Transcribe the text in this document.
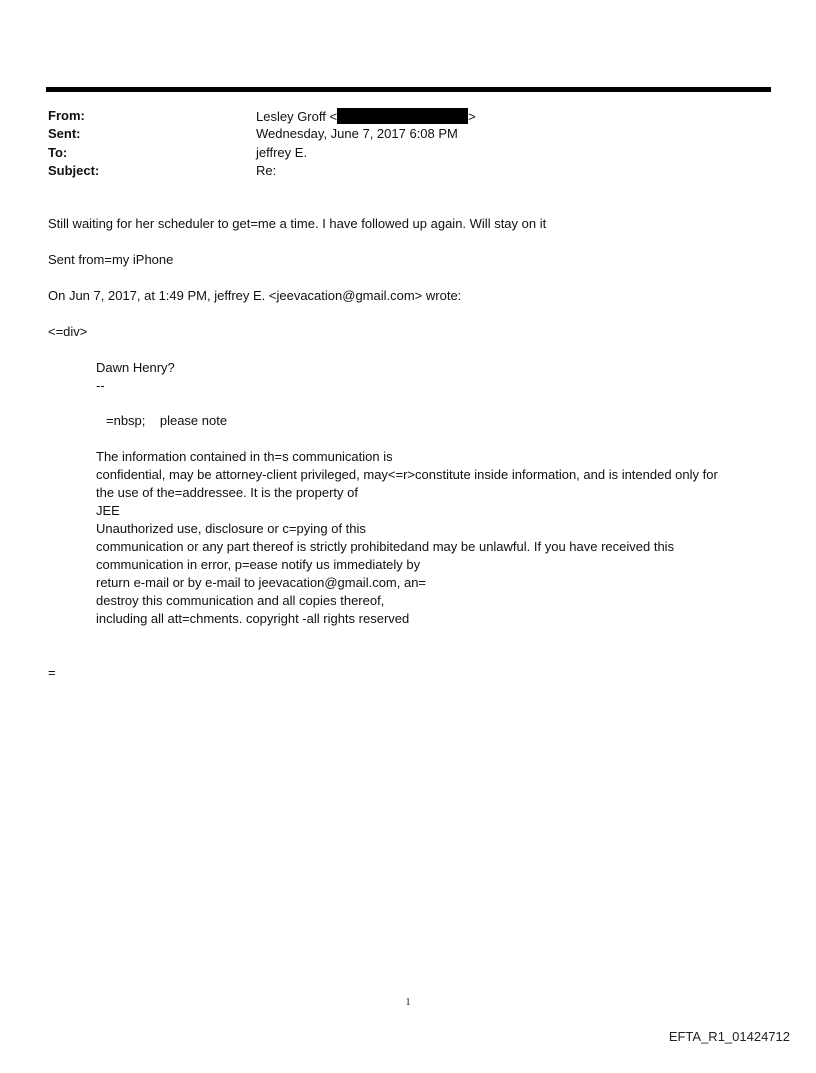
From:	Lesley Groff <	>
Sent:	Wednesday, June 7, 2017 6:08 PM
To:	jeffrey E.
Subject:	Re:
Still waiting for her scheduler to get=me a time. I have followed up again. Will stay on it
Sent from=my iPhone
On Jun 7, 2017, at 1:49 PM, jeffrey E. <jeevacation@gmail.com> wrote:
<=div>
Dawn Henry?
--
=nbsp;    please note
The information contained in th=s communication is
confidential, may be attorney-client privileged, may<=r>constitute inside information, and is intended only for
the use of the=addressee. It is the property of
JEE
Unauthorized use, disclosure or c=pying of this
communication or any part thereof is strictly prohibitedand may be unlawful. If you have received this
communication in error, p=ease notify us immediately by
return e-mail or by e-mail to jeevacation@gmail.com, an=
destroy this communication and all copies thereof,
including all att=chments. copyright -all rights reserved
=
1
EFTA_R1_01424712
